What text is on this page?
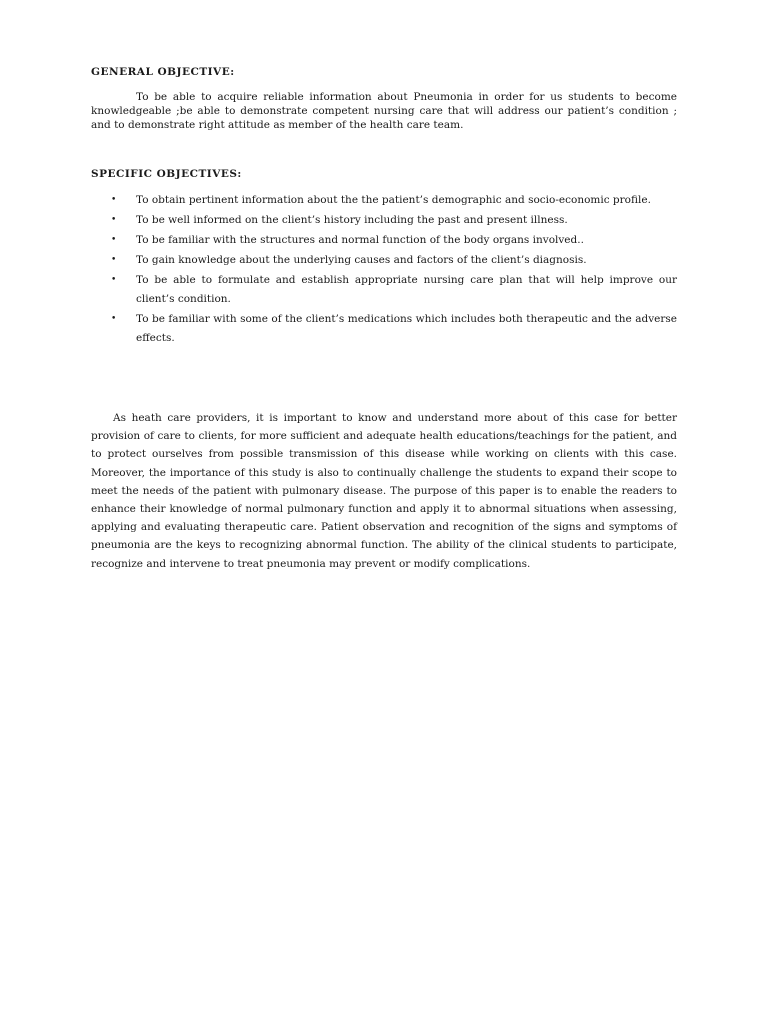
GENERAL OBJECTIVE:

To be able to acquire reliable information about Pneumonia in order for us students to become knowledgeable ;be able to demonstrate competent nursing care that will address our patient’s condition ; and to demonstrate right attitude as member of the health care team.

SPECIFIC OBJECTIVES:
• To obtain pertinent information about the the patient’s demographic and socio-economic profile.
• To be well informed on the client’s history including the past and present illness.
• To be familiar with the structures and normal function of the body organs involved..
• To gain knowledge about the underlying causes and factors of the client’s diagnosis.
• To be able to formulate and establish appropriate nursing care plan that will help improve our client’s condition.
• To be familiar with some of the client’s medications which includes both therapeutic and the adverse effects.

As heath care providers, it is important to know and understand more about of this case for better provision of care to clients, for more sufficient and adequate health educations/teachings for the patient, and to protect ourselves from possible transmission of this disease while working on clients with this case. Moreover, the importance of this study is also to continually challenge the students to expand their scope to meet the needs of the patient with pulmonary disease. The purpose of this paper is to enable the readers to enhance their knowledge of normal pulmonary function and apply it to abnormal situations when assessing, applying and evaluating therapeutic care. Patient observation and recognition of the signs and symptoms of pneumonia are the keys to recognizing abnormal function. The ability of the clinical students to participate, recognize and intervene to treat pneumonia may prevent or modify complications.
